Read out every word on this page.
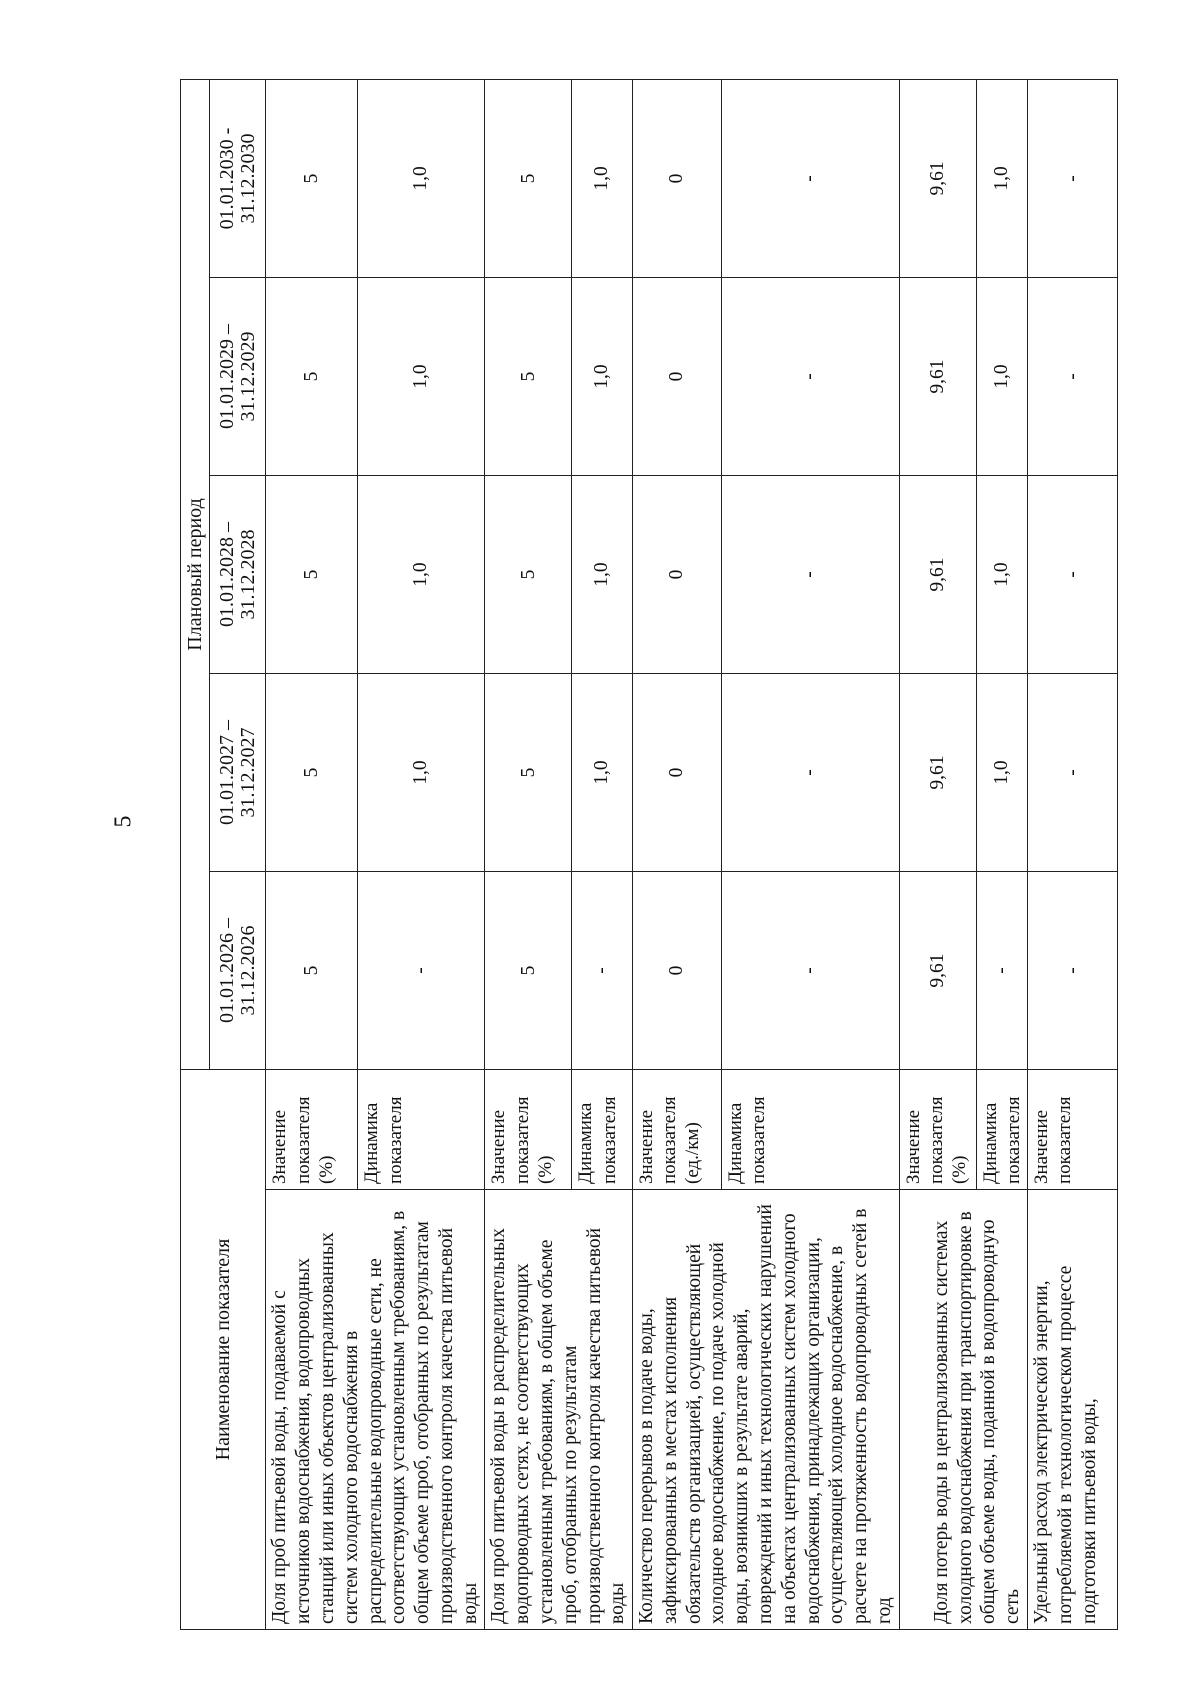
5
Наименование показателя		Плановый период				
		01.01.2026 – 31.12.2026	01.01.2027 – 31.12.2027	01.01.2028 – 31.12.2028	01.01.2029 – 31.12.2029	01.01.2030 - 31.12.2030
Доля проб питьевой воды, подаваемой с источников водоснабжения, водопроводных станций или иных объектов централизованных систем холодного водоснабжения в распределительные водопроводные сети, не соответствующих установленным требованиям, в общем объеме проб, отобранных по результатам производственного контроля качества питьевой воды	Значение показателя (%)	5	5	5	5	5
	Динамика показателя	-	1,0	1,0	1,0	1,0
Доля проб питьевой воды в распределительных водопроводных сетях, не соответствующих установленным требованиям, в общем объеме проб, отобранных по результатам производственного контроля качества питьевой воды	Значение показателя (%)	5	5	5	5	5
	Динамика показателя	-	1,0	1,0	1,0	1,0
Количество перерывов в подаче воды, зафиксированных в местах исполнения обязательств организацией, осуществляющей холодное водоснабжение, по подаче холодной воды, возникших в результате аварий, повреждений и иных технологических нарушений на объектах централизованных систем холодного водоснабжения, принадлежащих организации, осуществляющей холодное водоснабжение, в расчете на протяженность водопроводных сетей в год	Значение показателя (ед./км)	0	0	0	0	0
	Динамика показателя	-	-	-	-	-
Доля потерь воды в централизованных системах холодного водоснабжения при транспортировке в общем объеме воды, поданной в водопроводную сеть	Значение показателя (%)	9,61	9,61	9,61	9,61	9,61
	Динамика показателя	-	1,0	1,0	1,0	1,0
Удельный расход электрической энергии, потребляемой в технологическом процессе подготовки питьевой воды,	Значение показателя	-	-	-	-	-
